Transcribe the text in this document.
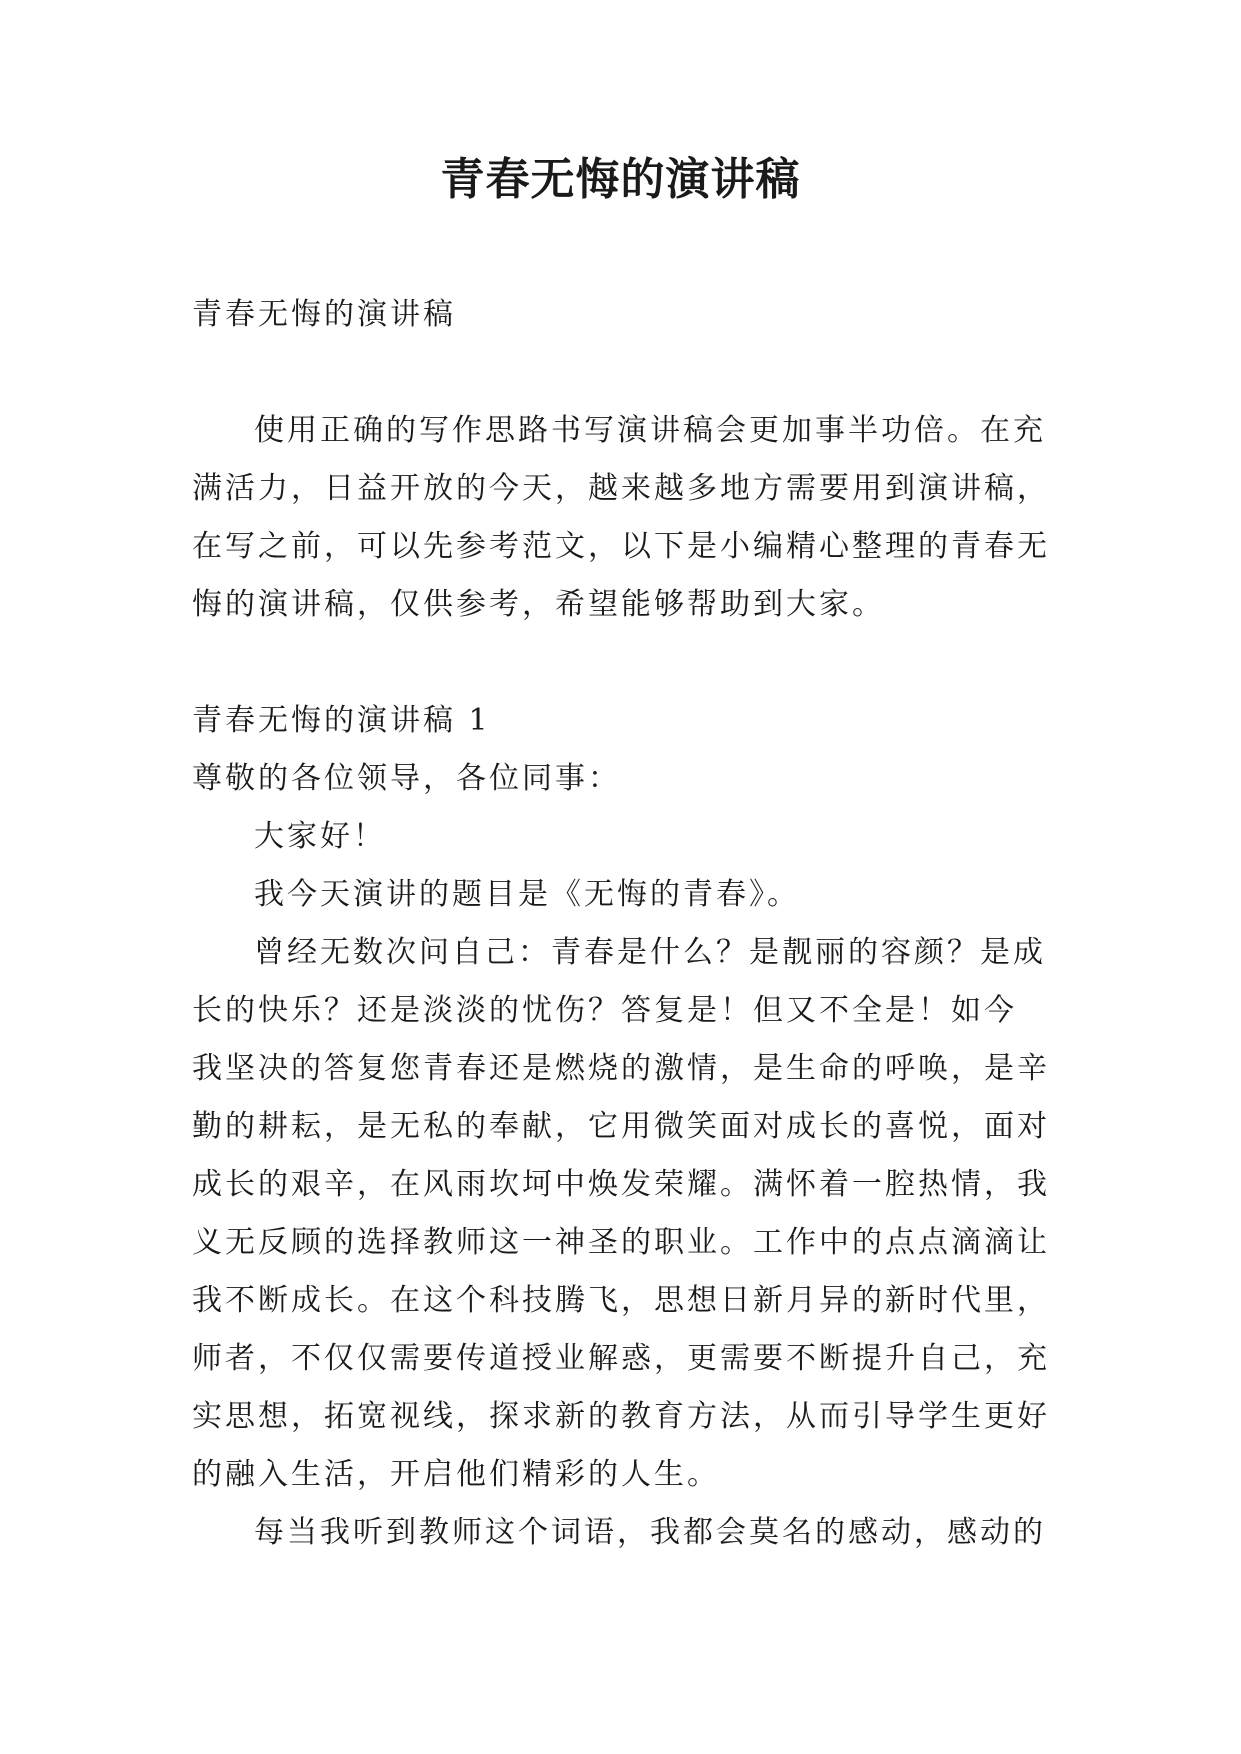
青春无悔的演讲稿

青春无悔的演讲稿

使用正确的写作思路书写演讲稿会更加事半功倍。在充

满活力，日益开放的今天，越来越多地方需要用到演讲稿，

在写之前，可以先参考范文，以下是小编精心整理的青春无

悔的演讲稿，仅供参考，希望能够帮助到大家。

青春无悔的演讲稿 1

尊敬的各位领导，各位同事：

大家好！

我今天演讲的题目是《无悔的青春》。

曾经无数次问自己：青春是什么？是靓丽的容颜？是成

长的快乐？还是淡淡的忧伤？答复是！但又不全是！如今

我坚决的答复您青春还是燃烧的激情，是生命的呼唤，是辛

勤的耕耘，是无私的奉献，它用微笑面对成长的喜悦，面对

成长的艰辛，在风雨坎坷中焕发荣耀。满怀着一腔热情，我

义无反顾的选择教师这一神圣的职业。工作中的点点滴滴让

我不断成长。在这个科技腾飞，思想日新月异的新时代里，

师者，不仅仅需要传道授业解惑，更需要不断提升自己，充

实思想，拓宽视线，探求新的教育方法，从而引导学生更好

的融入生活，开启他们精彩的人生。

每当我听到教师这个词语，我都会莫名的感动，感动的
